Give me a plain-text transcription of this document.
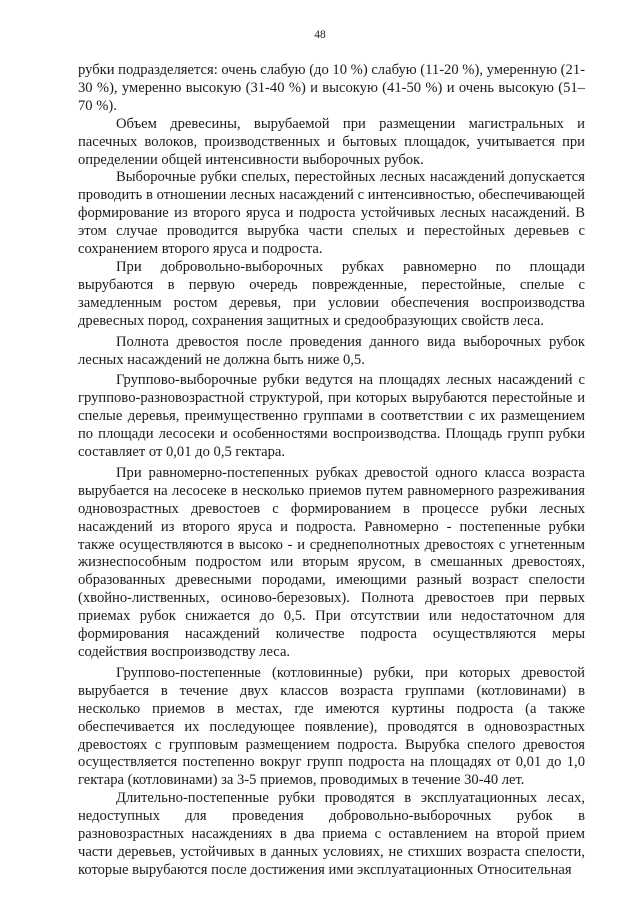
48

рубки подразделяется: очень слабую (до 10 %) слабую (11-20 %), умеренную (21-30 %), умеренно высокую (31-40 %) и высокую (41-50 %) и очень высокую (51–70 %).

Объем древесины, вырубаемой при размещении магистральных и пасечных волоков, производственных и бытовых площадок, учитывается при определении общей интенсивности выборочных рубок.

Выборочные рубки спелых, перестойных лесных насаждений допускается проводить в отношении лесных насаждений с интенсивностью, обеспечивающей формирование из второго яруса и подроста устойчивых лесных насаждений. В этом случае проводится вырубка части спелых и перестойных деревьев с сохранением второго яруса и подроста.

При добровольно-выборочных рубках равномерно по площади вырубаются в первую очередь поврежденные, перестойные, спелые с замедленным ростом деревья, при условии обеспечения воспроизводства древесных пород, сохранения защитных и средообразующих свойств леса.

Полнота древостоя после проведения данного вида выборочных рубок лесных насаждений не должна быть ниже 0,5.

Групповo-выборочные рубки ведутся на площадях лесных насаждений с групповo-разновозрастной структурой, при которых вырубаются перестойные и спелые деревья, преимущественно группами в соответствии с их размещением по площади лесосеки и особенностями воспроизводства. Площадь групп рубки составляет от 0,01 до 0,5 гектара.

При равномерно-постепенных рубках древостой одного класса возраста вырубается на лесосеке в несколько приемов путем равномерного разреживания одновозрастных древостоев с формированием в процессе рубки лесных насаждений из второго яруса и подроста. Равномерно - постепенные рубки также осуществляются в высоко - и среднеполнотных древостоях с угнетенным жизнеспособным подростом или вторым ярусом, в смешанных древостоях, образованных древесными породами, имеющими разный возраст спелости (хвойно-лиственных, осиново-березовых). Полнота древостоев при первых приемах рубок снижается до 0,5. При отсутствии или недостаточном для формирования насаждений количестве подроста осуществляются меры содействия воспроизводству леса.

Групповo-постепенные (котловинные) рубки, при которых древостой вырубается в течение двух классов возраста группами (котловинами) в несколько приемов в местах, где имеются куртины подроста (а также обеспечивается их последующее появление), проводятся в одновозрастных древостоях с групповым размещением подроста. Вырубка спелого древостоя осуществляется постепенно вокруг групп подроста на площадях от 0,01 до 1,0 гектара (котловинами) за 3-5 приемов, проводимых в течение 30-40 лет.

Длительно-постепенные рубки проводятся в эксплуатационных лесах, недоступных для проведения добровольно-выборочных рубок в разновозрастных насаждениях в два приема с оставлением на второй прием части деревьев, устойчивых в данных условиях, не стихших возраста спелости, которые вырубаются после достижения ими эксплуатационных Относительная
